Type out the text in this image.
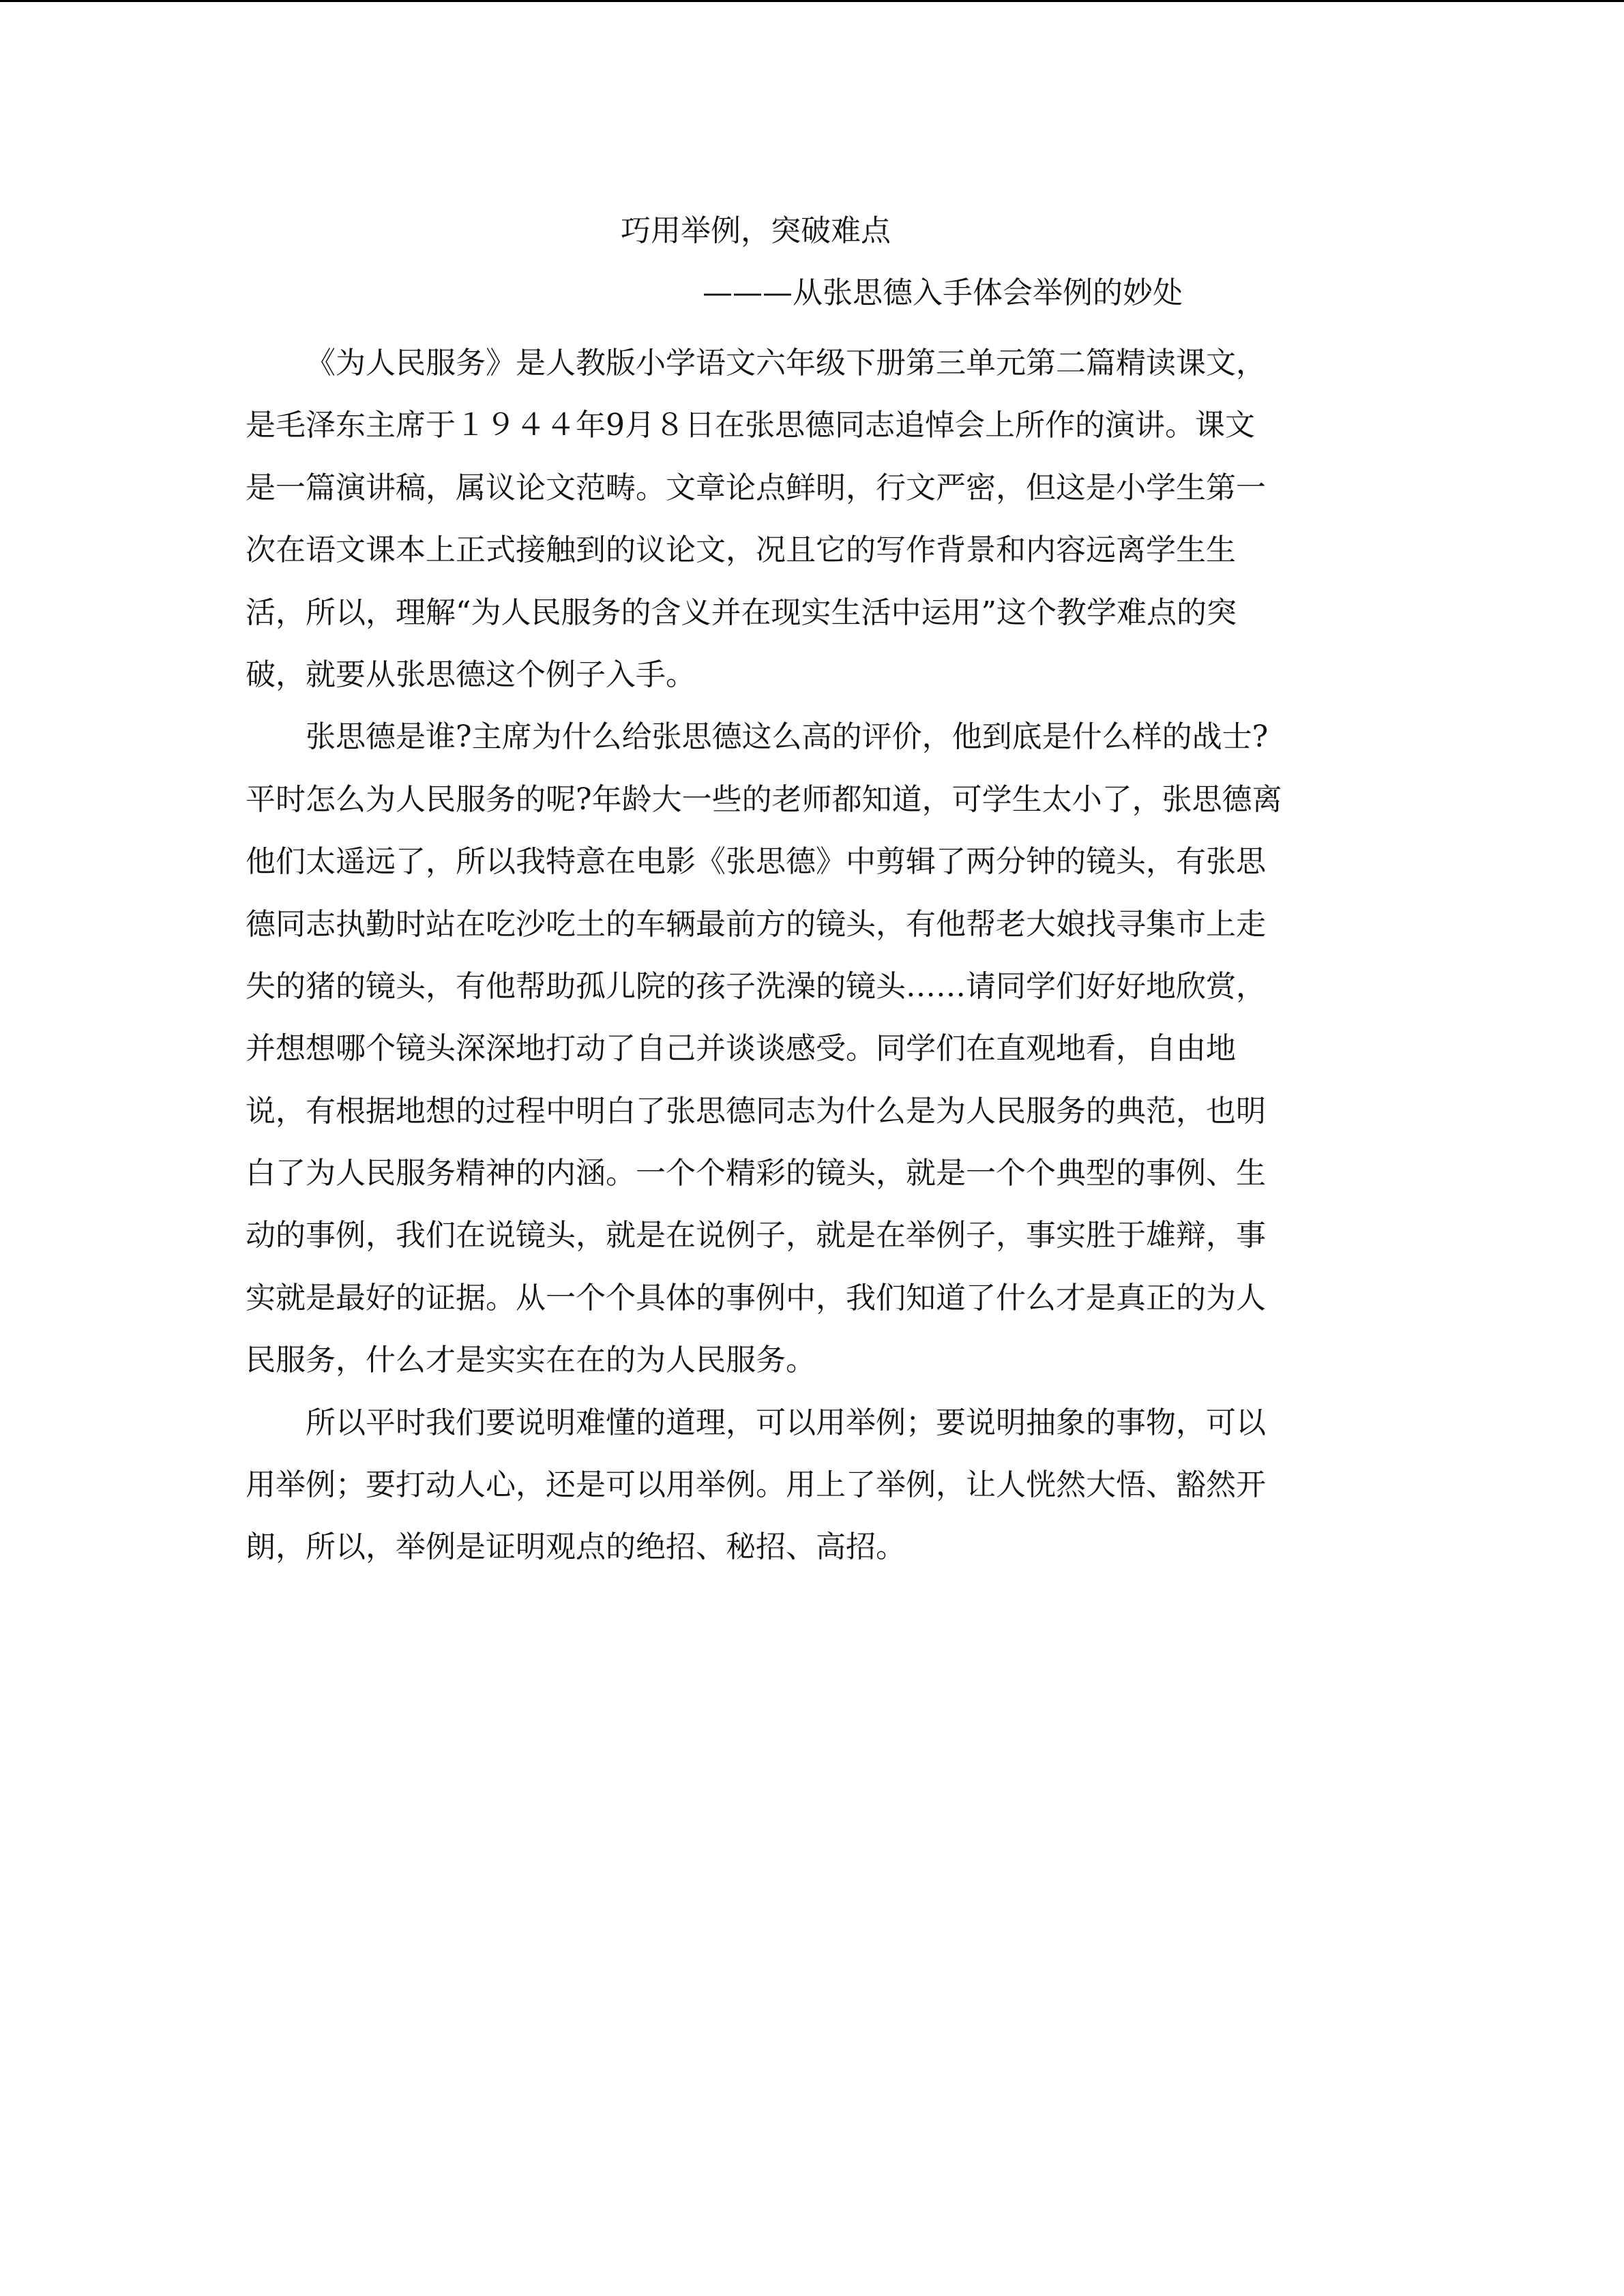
巧用举例，突破难点
———从张思德入手体会举例的妙处
《为人民服务》是人教版小学语文六年级下册第三单元第二篇精读课文，
是毛泽东主席于１９４４年9月８日在张思德同志追悼会上所作的演讲。课文
是一篇演讲稿，属议论文范畴。文章论点鲜明，行文严密，但这是小学生第一
次在语文课本上正式接触到的议论文，况且它的写作背景和内容远离学生生
活，所以，理解“为人民服务的含义并在现实生活中运用”这个教学难点的突
破，就要从张思德这个例子入手。
张思德是谁?主席为什么给张思德这么高的评价，他到底是什么样的战士?
平时怎么为人民服务的呢?年龄大一些的老师都知道，可学生太小了，张思德离
他们太遥远了，所以我特意在电影《张思德》中剪辑了两分钟的镜头，有张思
德同志执勤时站在吃沙吃土的车辆最前方的镜头，有他帮老大娘找寻集市上走
失的猪的镜头，有他帮助孤儿院的孩子洗澡的镜头……请同学们好好地欣赏，
并想想哪个镜头深深地打动了自己并谈谈感受。同学们在直观地看，自由地
说，有根据地想的过程中明白了张思德同志为什么是为人民服务的典范，也明
白了为人民服务精神的内涵。一个个精彩的镜头，就是一个个典型的事例、生
动的事例，我们在说镜头，就是在说例子，就是在举例子，事实胜于雄辩，事
实就是最好的证据。从一个个具体的事例中，我们知道了什么才是真正的为人
民服务，什么才是实实在在的为人民服务。
所以平时我们要说明难懂的道理，可以用举例；要说明抽象的事物，可以
用举例；要打动人心，还是可以用举例。用上了举例，让人恍然大悟、豁然开
朗，所以，举例是证明观点的绝招、秘招、高招。
